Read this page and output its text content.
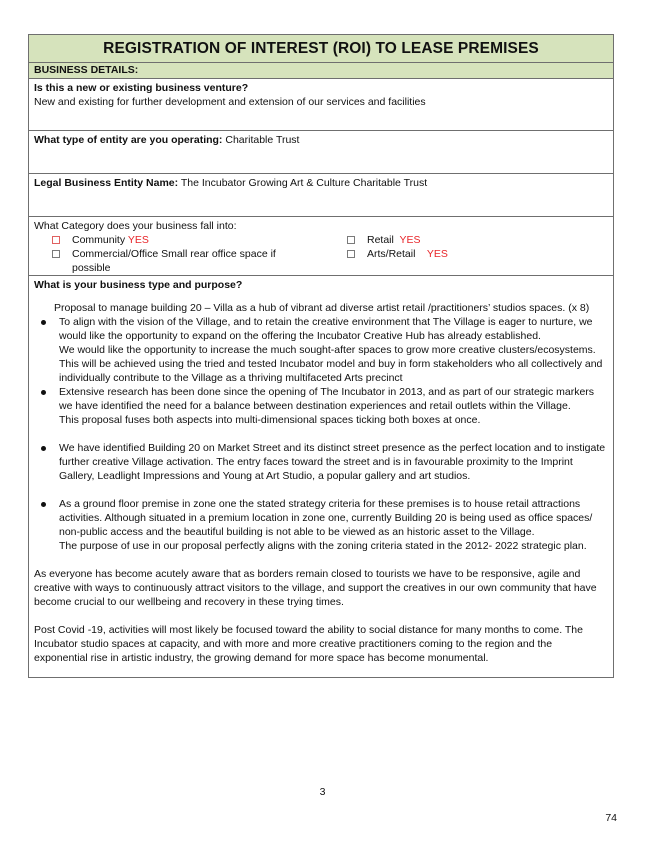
REGISTRATION OF INTEREST (ROI) TO LEASE PREMISES
BUSINESS DETAILS:
Is this a new or existing business venture?
New and existing for further development and extension of our services and facilities
What type of entity are you operating: Charitable Trust
Legal Business Entity Name: The Incubator Growing Art & Culture Charitable Trust
What Category does your business fall into:
Community YES	Retail YES
Commercial/Office Small rear office space if possible
Arts/Retail YES
What is your business type and purpose?
Proposal to manage building 20 – Villa as a hub of vibrant ad diverse artist retail /practitioners’ studios spaces. (x 8)
To align with the vision of the Village, and to retain the creative environment that The Village is eager to nurture, we would like the opportunity to expand on the offering the Incubator Creative Hub has already established.
We would like the opportunity to increase the much sought-after spaces to grow more creative clusters/ecosystems. This will be achieved using the tried and tested Incubator model and buy in form stakeholders who all collectively and individually contribute to the Village as a thriving multifaceted Arts precinct
Extensive research has been done since the opening of The Incubator in 2013, and as part of our strategic markers we have identified the need for a balance between destination experiences and retail outlets within the Village.
This proposal fuses both aspects into multi-dimensional spaces ticking both boxes at once.
We have identified Building 20 on Market Street and its distinct street presence as the perfect location and to instigate further creative Village activation. The entry faces toward the street and is in favourable proximity to the Imprint Gallery, Leadlight Impressions and Young at Art Studio, a popular gallery and art studios.
As a ground floor premise in zone one the stated strategy criteria for these premises is to house retail attractions activities. Although situated in a premium location in zone one, currently Building 20 is being used as office spaces/ non-public access and the beautiful building is not able to be viewed as an historic asset to the Village.
The purpose of use in our proposal perfectly aligns with the zoning criteria stated in the 2012- 2022 strategic plan.
As everyone has become acutely aware that as borders remain closed to tourists we have to be responsive, agile and creative with ways to continuously attract visitors to the village, and support the creatives in our own community that have become crucial to our wellbeing and recovery in these trying times.
Post Covid -19, activities will most likely be focused toward the ability to social distance for many months to come. The Incubator studio spaces at capacity, and with more and more creative practitioners coming to the region and the exponential rise in artistic industry, the growing demand for more space has become monumental.
3
74
